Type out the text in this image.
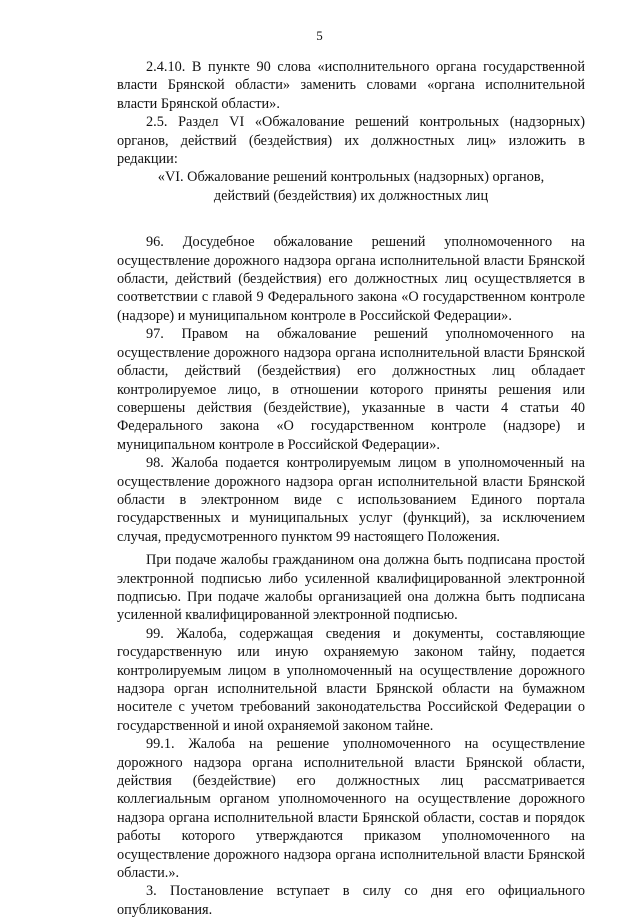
5

2.4.10. В пункте 90 слова «исполнительного органа государственной власти Брянской области» заменить словами «органа исполнительной власти Брянской области».

2.5. Раздел VI «Обжалование решений контрольных (надзорных) органов, действий (бездействия) их должностных лиц» изложить в редакции:

«VI. Обжалование решений контрольных (надзорных) органов,

действий (бездействия) их должностных лиц

96. Досудебное обжалование решений уполномоченного на осуществление дорожного надзора органа исполнительной власти Брянской области, действий (бездействия) его должностных лиц осуществляется в соответствии с главой 9 Федерального закона «О государственном контроле (надзоре) и муниципальном контроле в Российской Федерации».

97. Правом на обжалование решений уполномоченного на осуществление дорожного надзора органа исполнительной власти Брянской области, действий (бездействия) его должностных лиц обладает контролируемое лицо, в отношении которого приняты решения или совершены действия (бездействие), указанные в части 4 статьи 40 Федерального закона «О государственном контроле (надзоре) и муниципальном контроле в Российской Федерации».

98. Жалоба подается контролируемым лицом в уполномоченный на осуществление дорожного надзора орган исполнительной власти Брянской области в электронном виде с использованием Единого портала государственных и муниципальных услуг (функций), за исключением случая, предусмотренного пунктом 99 настоящего Положения.

При подаче жалобы гражданином она должна быть подписана простой электронной подписью либо усиленной квалифицированной электронной подписью. При подаче жалобы организацией она должна быть подписана усиленной квалифицированной электронной подписью.

99. Жалоба, содержащая сведения и документы, составляющие государственную или иную охраняемую законом тайну, подается контролируемым лицом в уполномоченный на осуществление дорожного надзора орган исполнительной власти Брянской области на бумажном носителе с учетом требований законодательства Российской Федерации о государственной и иной охраняемой законом тайне.

99.1. Жалоба на решение уполномоченного на осуществление дорожного надзора органа исполнительной власти Брянской области, действия (бездействие) его должностных лиц рассматривается коллегиальным органом уполномоченного на осуществление дорожного надзора органа исполнительной власти Брянской области, состав и порядок работы которого утверждаются приказом уполномоченного на осуществление дорожного надзора органа исполнительной власти Брянской области.».

3. Постановление вступает в силу со дня его официального опубликования.
